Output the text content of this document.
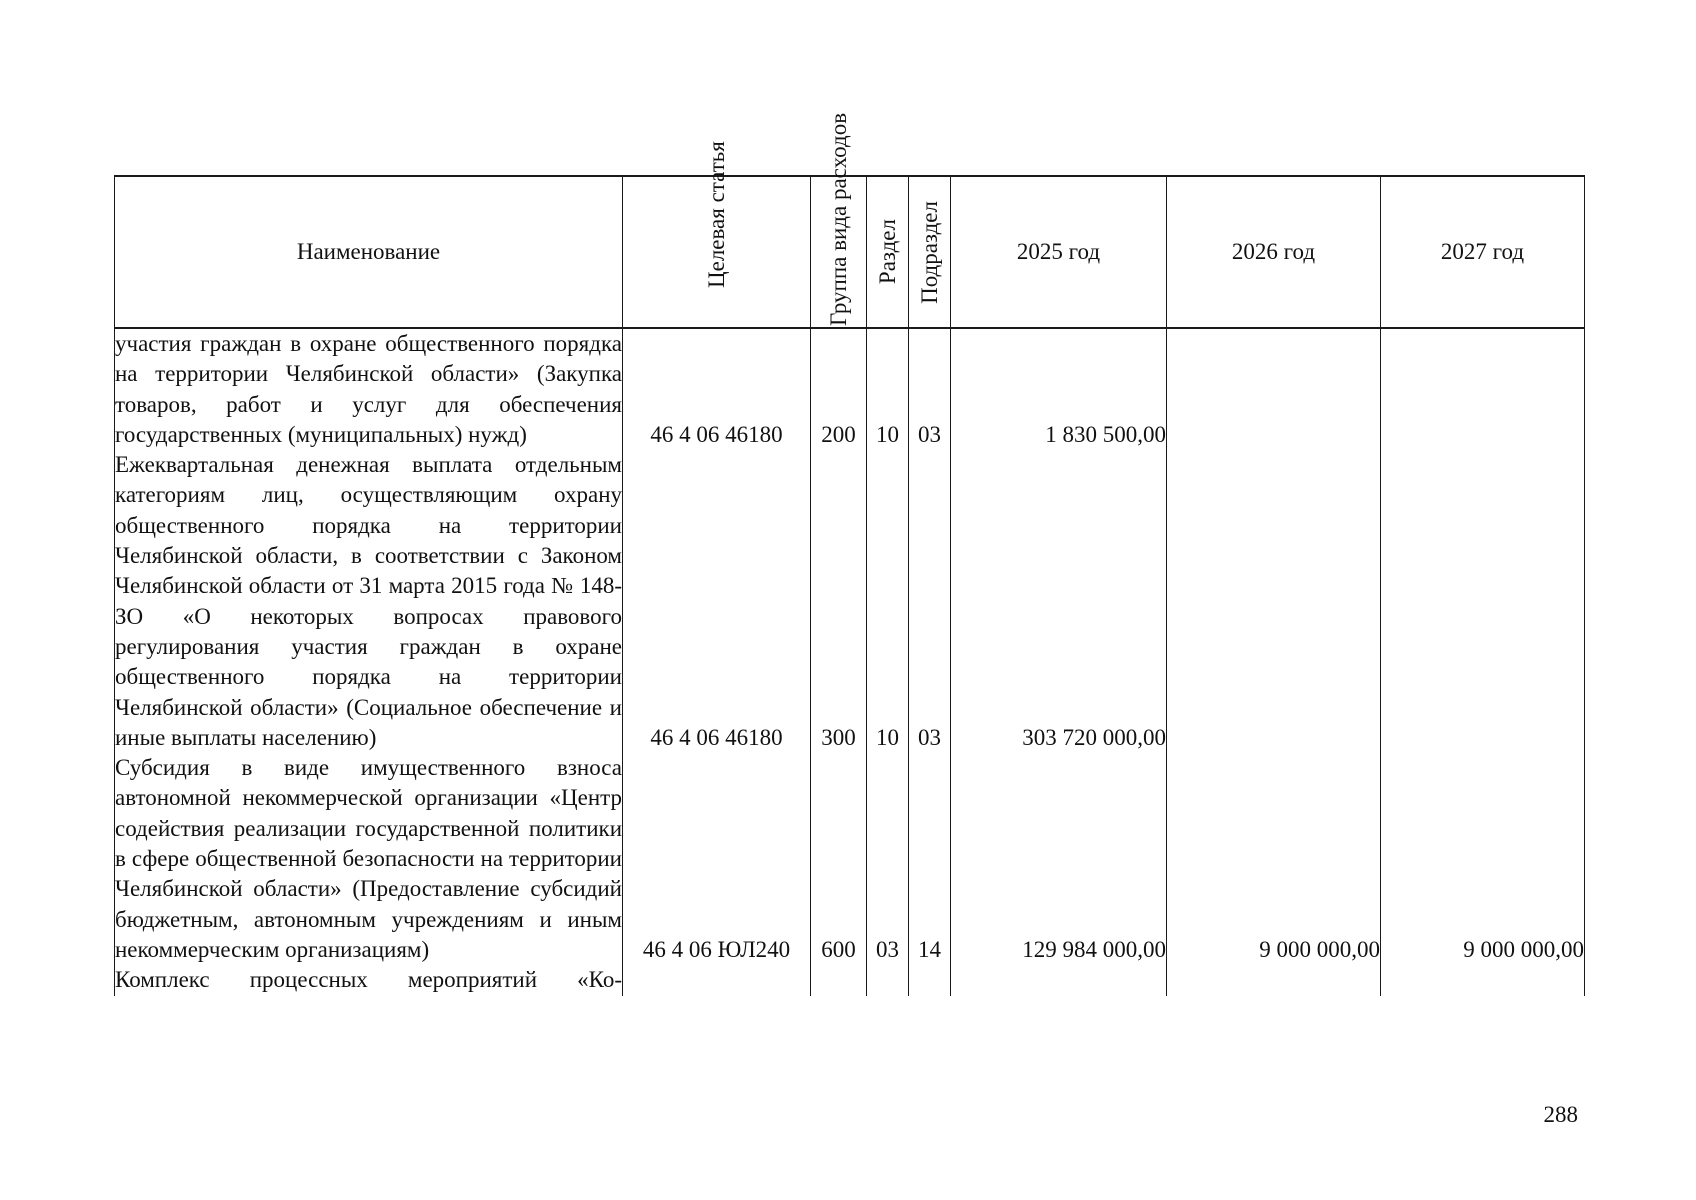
Наименование	Целевая статья	Группа вида расходов	Раздел	Подраздел	2025 год	2026 год	2027 год
участия граждан в охране общественного порядка на территории Челябинской области» (Закупка товаров, работ и услуг для обеспечения государственных (муниципальных) нужд)	46 4 06 46180	200	10	03	1 830 500,00		
Ежеквартальная денежная выплата отдельным категориям лиц, осуществляющим охрану общественного порядка на территории Челябинской области, в соответствии с Законом Челябинской области от 31 марта 2015 года № 148-ЗО «О некоторых вопросах правового регулирования участия граждан в охране общественного порядка на территории Челябинской области» (Социальное обеспечение и иные выплаты населению)	46 4 06 46180	300	10	03	303 720 000,00		
Субсидия в виде имущественного взноса автономной некоммерческой организации «Центр содействия реализации государственной политики в сфере общественной безопасности на территории Челябинской области» (Предоставление субсидий бюджетным, автономным учреждениям и иным некоммерческим организациям)	46 4 06 ЮЛ240	600	03	14	129 984 000,00	9 000 000,00	9 000 000,00
Комплекс процессных мероприятий «Ко-							

288
